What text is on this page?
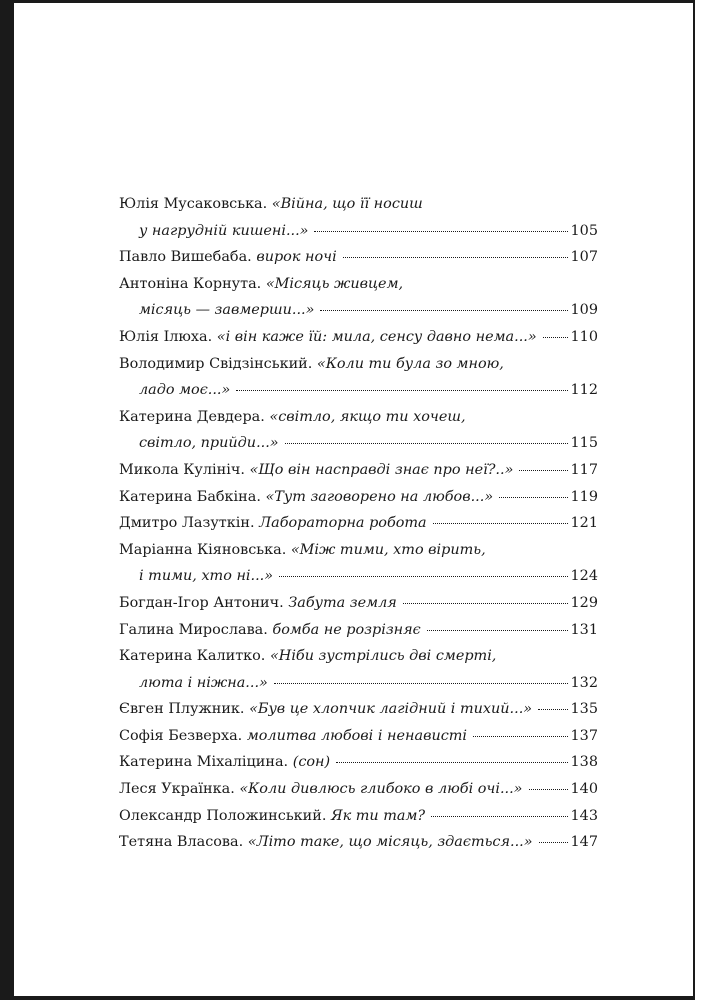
Юлія Мусаковська.
«Війна, що її носиш
у нагрудній кишені...»	105
Павло Вишебаба.
вирок ночі	107
Антоніна Корнута.
«Місяць живцем,
місяць — завмерши...»	109
Юлія Ілюха.
«і він каже їй: мила, сенсу давно нема...» 110
Володимир Свідзінський.
«Коли ти була зо мною,
ладо моє...»	112
Катерина Девдера.
«світло, якщо ти хочеш,
світло, прийди...»	115
Микола Кулініч.
«Що він насправді знає про неї?..»	117
Катерина Бабкіна.
«Тут заговорено на любов...»	119
Дмитро Лазуткін.
Лабораторна робота	121
Маріанна Кіяновська.
«Між тими, хто вірить,
і тими, хто ні...»	124
Богдан-Ігор Антонич.
Забута земля	129
Галина Мирослава.
бомба не розрізняє	131
Катерина Калитко.
«Ніби зустрілись дві смерті,
люта і ніжна...»	132
Євген Плужник.
«Був це хлопчик лагідний і тихий...»	135
Софія Безверха.
молитва любові і ненависті	137
Катерина Міхаліцина.
(сон)	138
Леся Українка.
«Коли дивлюсь глибоко в любі очі...»	140
Олександр Положинський.
Як ти там?	143
Тетяна Власова.
«Літо таке, що місяць, здається...»	147
